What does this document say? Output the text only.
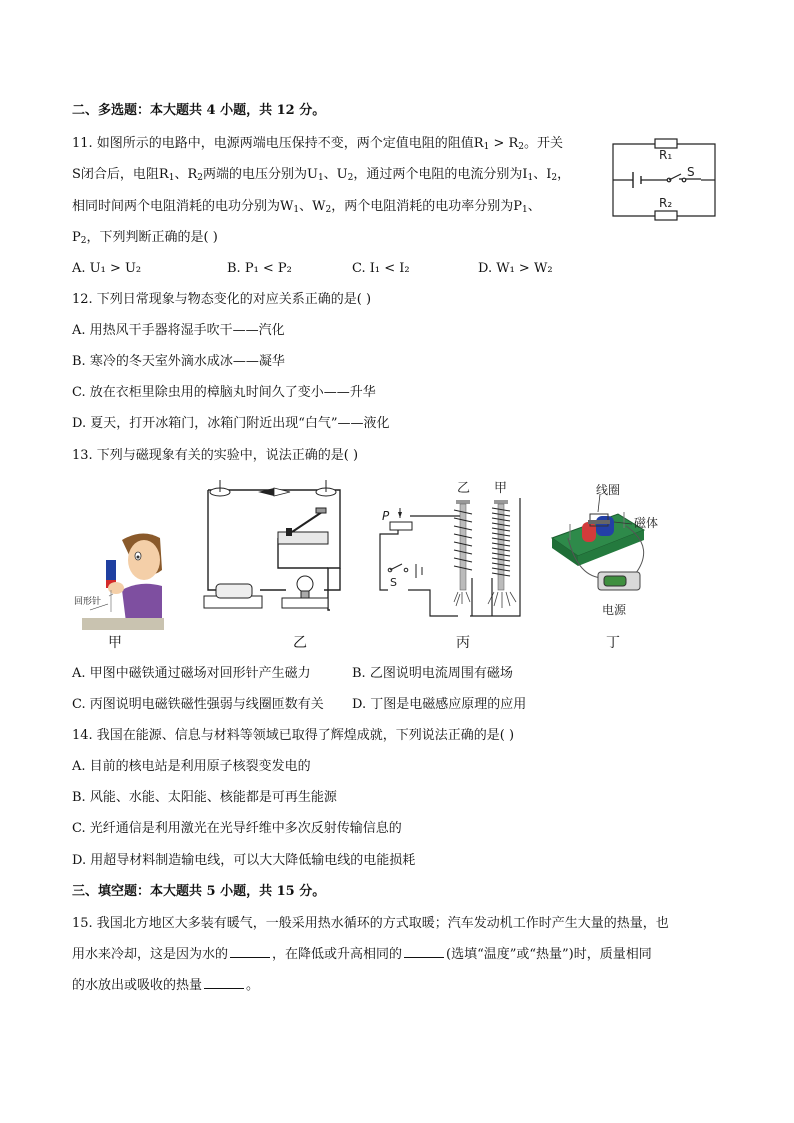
二、多选题：本大题共 4 小题，共 12 分。
11. 如图所示的电路中，电源两端电压保持不变，两个定值电阻的阻值$R_1 > R_2$。开关
S闭合后，电阻$R_1$、$R_2$两端的电压分别为$U_1$、$U_2$，通过两个电阻的电流分别为$I_1$、$I_2$，
相同时间两个电阻消耗的电功分别为$W_1$、$W_2$，两个电阻消耗的电功率分别为$P_1$、
$P_2$，下列判断正确的是( )
A. U₁ > U₂	B. P₁ < P₂	C. I₁ < I₂	D. W₁ > W₂
R₁
R₂
S
12. 下列日常现象与物态变化的对应关系正确的是( )
A. 用热风干手器将湿手吹干——汽化
B. 寒冷的冬天室外滴水成冰——凝华
C. 放在衣柜里除虫用的樟脑丸时间久了变小——升华
D. 夏天，打开冰箱门，冰箱门附近出现“白气”——液化
13. 下列与磁现象有关的实验中，说法正确的是( )
回形针
甲	乙
P
S
乙 甲
丙
线圈
磁体
电源
丁
A. 甲图中磁铁通过磁场对回形针产生磁力	B. 乙图说明电流周围有磁场
C. 丙图说明电磁铁磁性强弱与线圈匝数有关 D. 丁图是电磁感应原理的应用
14. 我国在能源、信息与材料等领域已取得了辉煌成就，下列说法正确的是( )
A. 目前的核电站是利用原子核裂变发电的
B. 风能、水能、太阳能、核能都是可再生能源
C. 光纤通信是利用激光在光导纤维中多次反射传输信息的
D. 用超导材料制造输电线，可以大大降低输电线的电能损耗
三、填空题：本大题共 5 小题，共 15 分。
15. 我国北方地区大多装有暖气，一般采用热水循环的方式取暖；汽车发动机工作时产生大量的热量，也
用水来冷却，这是因为水的	，在降低或升高相同的	(选填“温度”或“热量”)时，质量相同
的水放出或吸收的热量	。
